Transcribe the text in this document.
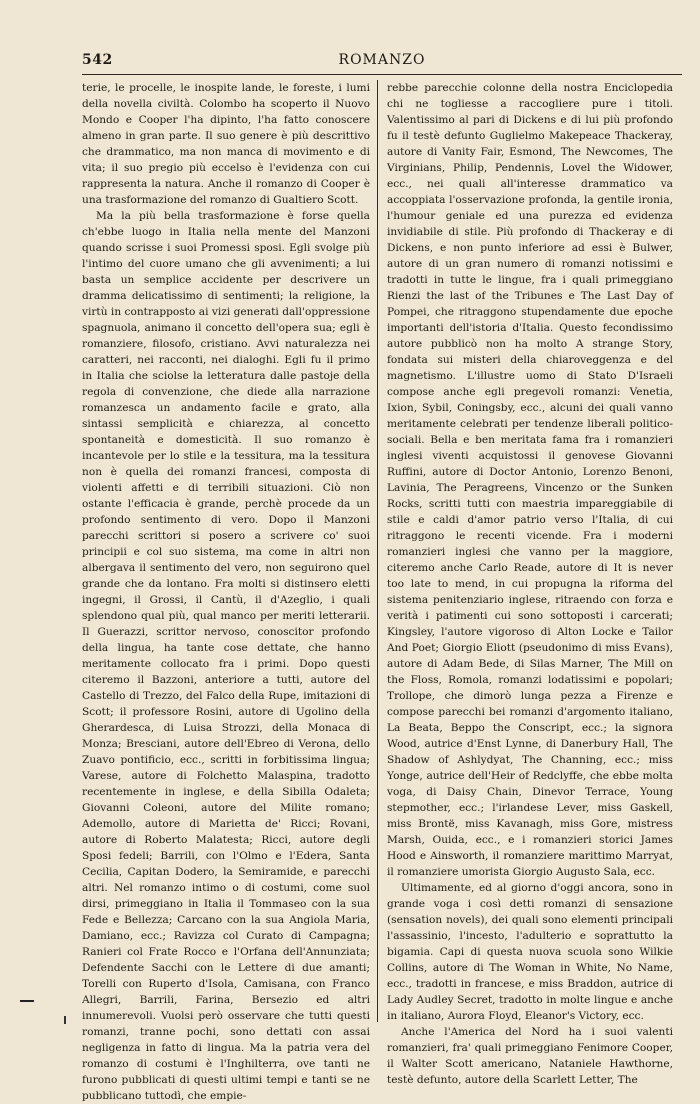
542	ROMANZO

terie, le procelle, le inospite lande, le foreste, i lumi della novella civiltà. Colombo ha scoperto il Nuovo Mondo e Cooper l'ha dipinto, l'ha fatto conoscere almeno in gran parte. Il suo genere è più descrittivo che drammatico, ma non manca di movimento e di vita; il suo pregio più eccelso è l'evidenza con cui rappresenta la natura. Anche il romanzo di Cooper è una trasformazione del romanzo di Gualtiero Scott.

Ma la più bella trasformazione è forse quella ch'ebbe luogo in Italia nella mente del Manzoni quando scrisse i suoi Promessi sposi. Egli svolge più l'intimo del cuore umano che gli avvenimenti; a lui basta un semplice accidente per descrivere un dramma delicatissimo di sentimenti; la religione, la virtù in contrapposto ai vizi generati dall'oppressione spagnuola, animano il concetto dell'opera sua; egli è romanziere, filosofo, cristiano. Avvi naturalezza nei caratteri, nei racconti, nei dialoghi. Egli fu il primo in Italia che sciolse la letteratura dalle pastoje della regola di convenzione, che diede alla narrazione romanzesca un andamento facile e grato, alla sintassi semplicità e chiarezza, al concetto spontaneità e domesticità. Il suo romanzo è incantevole per lo stile e la tessitura, ma la tessitura non è quella dei romanzi francesi, composta di violenti affetti e di terribili situazioni. Ciò non ostante l'efficacia è grande, perchè procede da un profondo sentimento di vero. Dopo il Manzoni parecchi scrittori si posero a scrivere co' suoi principii e col suo sistema, ma come in altri non albergava il sentimento del vero, non seguirono quel grande che da lontano. Fra molti si distinsero eletti ingegni, il Grossi, il Cantù, il d'Azeglio, i quali splendono qual più, qual manco per meriti letterarii. Il Guerazzi, scrittor nervoso, conoscitor profondo della lingua, ha tante cose dettate, che hanno meritamente collocato fra i primi. Dopo questi citeremo il Bazzoni, anteriore a tutti, autore del Castello di Trezzo, del Falco della Rupe, imitazioni di Scott; il professore Rosini, autore di Ugolino della Gherardesca, di Luisa Strozzi, della Monaca di Monza; Bresciani, autore dell'Ebreo di Verona, dello Zuavo pontificio, ecc., scritti in forbitissima lingua; Varese, autore di Folchetto Malaspina, tradotto recentemente in inglese, e della Sibilla Odaleta; Giovanni Coleoni, autore del Milite romano; Ademollo, autore di Marietta de' Ricci; Rovani, autore di Roberto Malatesta; Ricci, autore degli Sposi fedeli; Barrili, con l'Olmo e l'Edera, Santa Cecilia, Capitan Dodero, la Semiramide, e parecchi altri. Nel romanzo intimo o di costumi, come suol dirsi, primeggiano in Italia il Tommaseo con la sua Fede e Bellezza; Carcano con la sua Angiola Maria, Damiano, ecc.; Ravizza col Curato di Campagna; Ranieri col Frate Rocco e l'Orfana dell'Annunziata; Defendente Sacchi con le Lettere di due amanti; Torelli con Ruperto d'Isola, Camisana, con Franco Allegri, Barrili, Farina, Bersezio ed altri innumerevoli. Vuolsi però osservare che tutti questi romanzi, tranne pochi, sono dettati con assai negligenza in fatto di lingua. Ma la patria vera del romanzo di costumi è l'Inghilterra, ove tanti ne furono pubblicati di questi ultimi tempi e tanti se ne pubblicano tuttodì, che empie-

rebbe parecchie colonne della nostra Enciclopedia chi ne togliesse a raccogliere pure i titoli. Valentissimo al pari di Dickens e di lui più profondo fu il testè defunto Guglielmo Makepeace Thackeray, autore di Vanity Fair, Esmond, The Newcomes, The Virginians, Philip, Pendennis, Lovel the Widower, ecc., nei quali all'interesse drammatico va accoppiata l'osservazione profonda, la gentile ironia, l'humour geniale ed una purezza ed evidenza invidiabile di stile. Più profondo di Thackeray e di Dickens, e non punto inferiore ad essi è Bulwer, autore di un gran numero di romanzi notissimi e tradotti in tutte le lingue, fra i quali primeggiano Rienzi the last of the Tribunes e The Last Day of Pompei, che ritraggono stupendamente due epoche importanti dell'istoria d'Italia. Questo fecondissimo autore pubblicò non ha molto A strange Story, fondata sui misteri della chiaroveggenza e del magnetismo. L'illustre uomo di Stato D'Israeli compose anche egli pregevoli romanzi: Venetia, Ixion, Sybil, Coningsby, ecc., alcuni dei quali vanno meritamente celebrati per tendenze liberali politico-sociali. Bella e ben meritata fama fra i romanzieri inglesi viventi acquistossi il genovese Giovanni Ruffini, autore di Doctor Antonio, Lorenzo Benoni, Lavinia, The Peragreens, Vincenzo or the Sunken Rocks, scritti tutti con maestria impareggiabile di stile e caldi d'amor patrio verso l'Italia, di cui ritraggono le recenti vicende. Fra i moderni romanzieri inglesi che vanno per la maggiore, citeremo anche Carlo Reade, autore di It is never too late to mend, in cui propugna la riforma del sistema penitenziario inglese, ritraendo con forza e verità i patimenti cui sono sottoposti i carcerati; Kingsley, l'autore vigoroso di Alton Locke e Tailor And Poet; Giorgio Eliott (pseudonimo di miss Evans), autore di Adam Bede, di Silas Marner, The Mill on the Floss, Romola, romanzi lodatissimi e popolari; Trollope, che dimorò lunga pezza a Firenze e compose parecchi bei romanzi d'argomento italiano, La Beata, Beppo the Conscript, ecc.; la signora Wood, autrice d'Enst Lynne, di Danerbury Hall, The Shadow of Ashlydyat, The Channing, ecc.; miss Yonge, autrice dell'Heir of Redclyffe, che ebbe molta voga, di Daisy Chain, Dinevor Terrace, Young stepmother, ecc.; l'irlandese Lever, miss Gaskell, miss Brontë, miss Kavanagh, miss Gore, mistress Marsh, Ouida, ecc., e i romanzieri storici James Hood e Ainsworth, il romanziere marittimo Marryat, il romanziere umorista Giorgio Augusto Sala, ecc.

Ultimamente, ed al giorno d'oggi ancora, sono in grande voga i così detti romanzi di sensazione (sensation novels), dei quali sono elementi principali l'assassinio, l'incesto, l'adulterio e soprattutto la bigamia. Capi di questa nuova scuola sono Wilkie Collins, autore di The Woman in White, No Name, ecc., tradotti in francese, e miss Braddon, autrice di Lady Audley Secret, tradotto in molte lingue e anche in italiano, Aurora Floyd, Eleanor's Victory, ecc.

Anche l'America del Nord ha i suoi valenti romanzieri, fra' quali primeggiano Fenimore Cooper, il Walter Scott americano, Nataniele Hawthorne, testè defunto, autore della Scarlett Letter, The
